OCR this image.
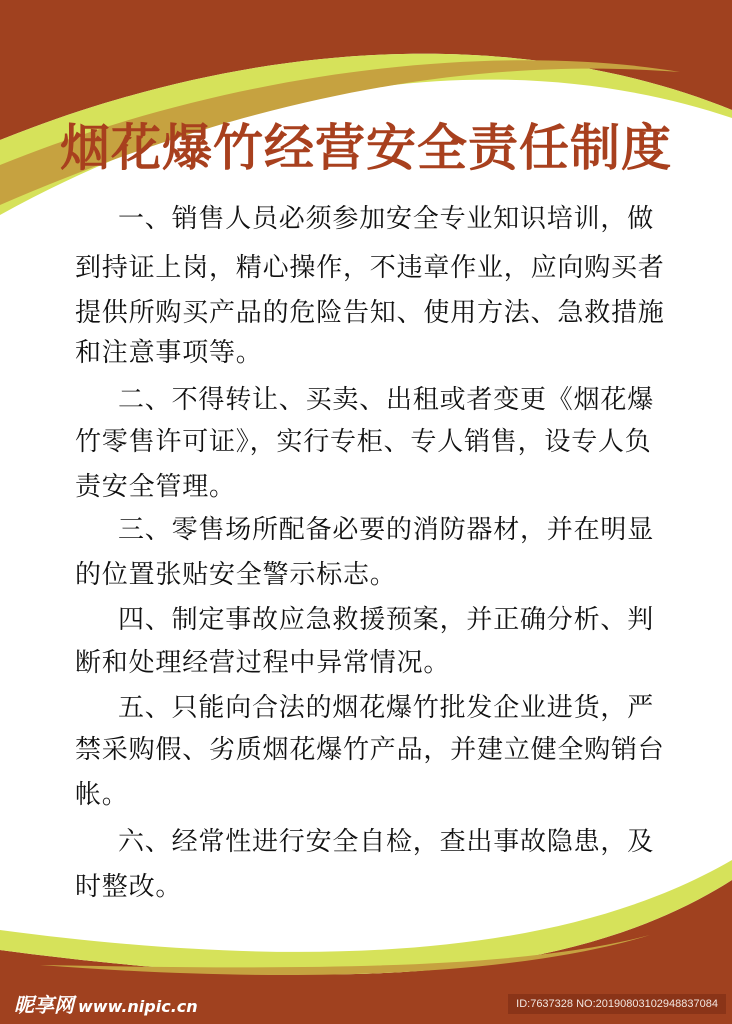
烟花爆竹经营安全责任制度
一、销售人员必须参加安全专业知识培训，做
到持证上岗，精心操作，不违章作业，应向购买者
提供所购买产品的危险告知、使用方法、急救措施
和注意事项等。
二、不得转让、买卖、出租或者变更《烟花爆
竹零售许可证》，实行专柜、专人销售，设专人负
责安全管理。
三、零售场所配备必要的消防器材，并在明显
的位置张贴安全警示标志。
四、制定事故应急救援预案，并正确分析、判
断和处理经营过程中异常情况。
五、只能向合法的烟花爆竹批发企业进货，严
禁采购假、劣质烟花爆竹产品，并建立健全购销台
帐。
六、经常性进行安全自检，查出事故隐患，及
时整改。
昵享网 www.nipic.cn	ID:7637328 NO:20190803102948837084
